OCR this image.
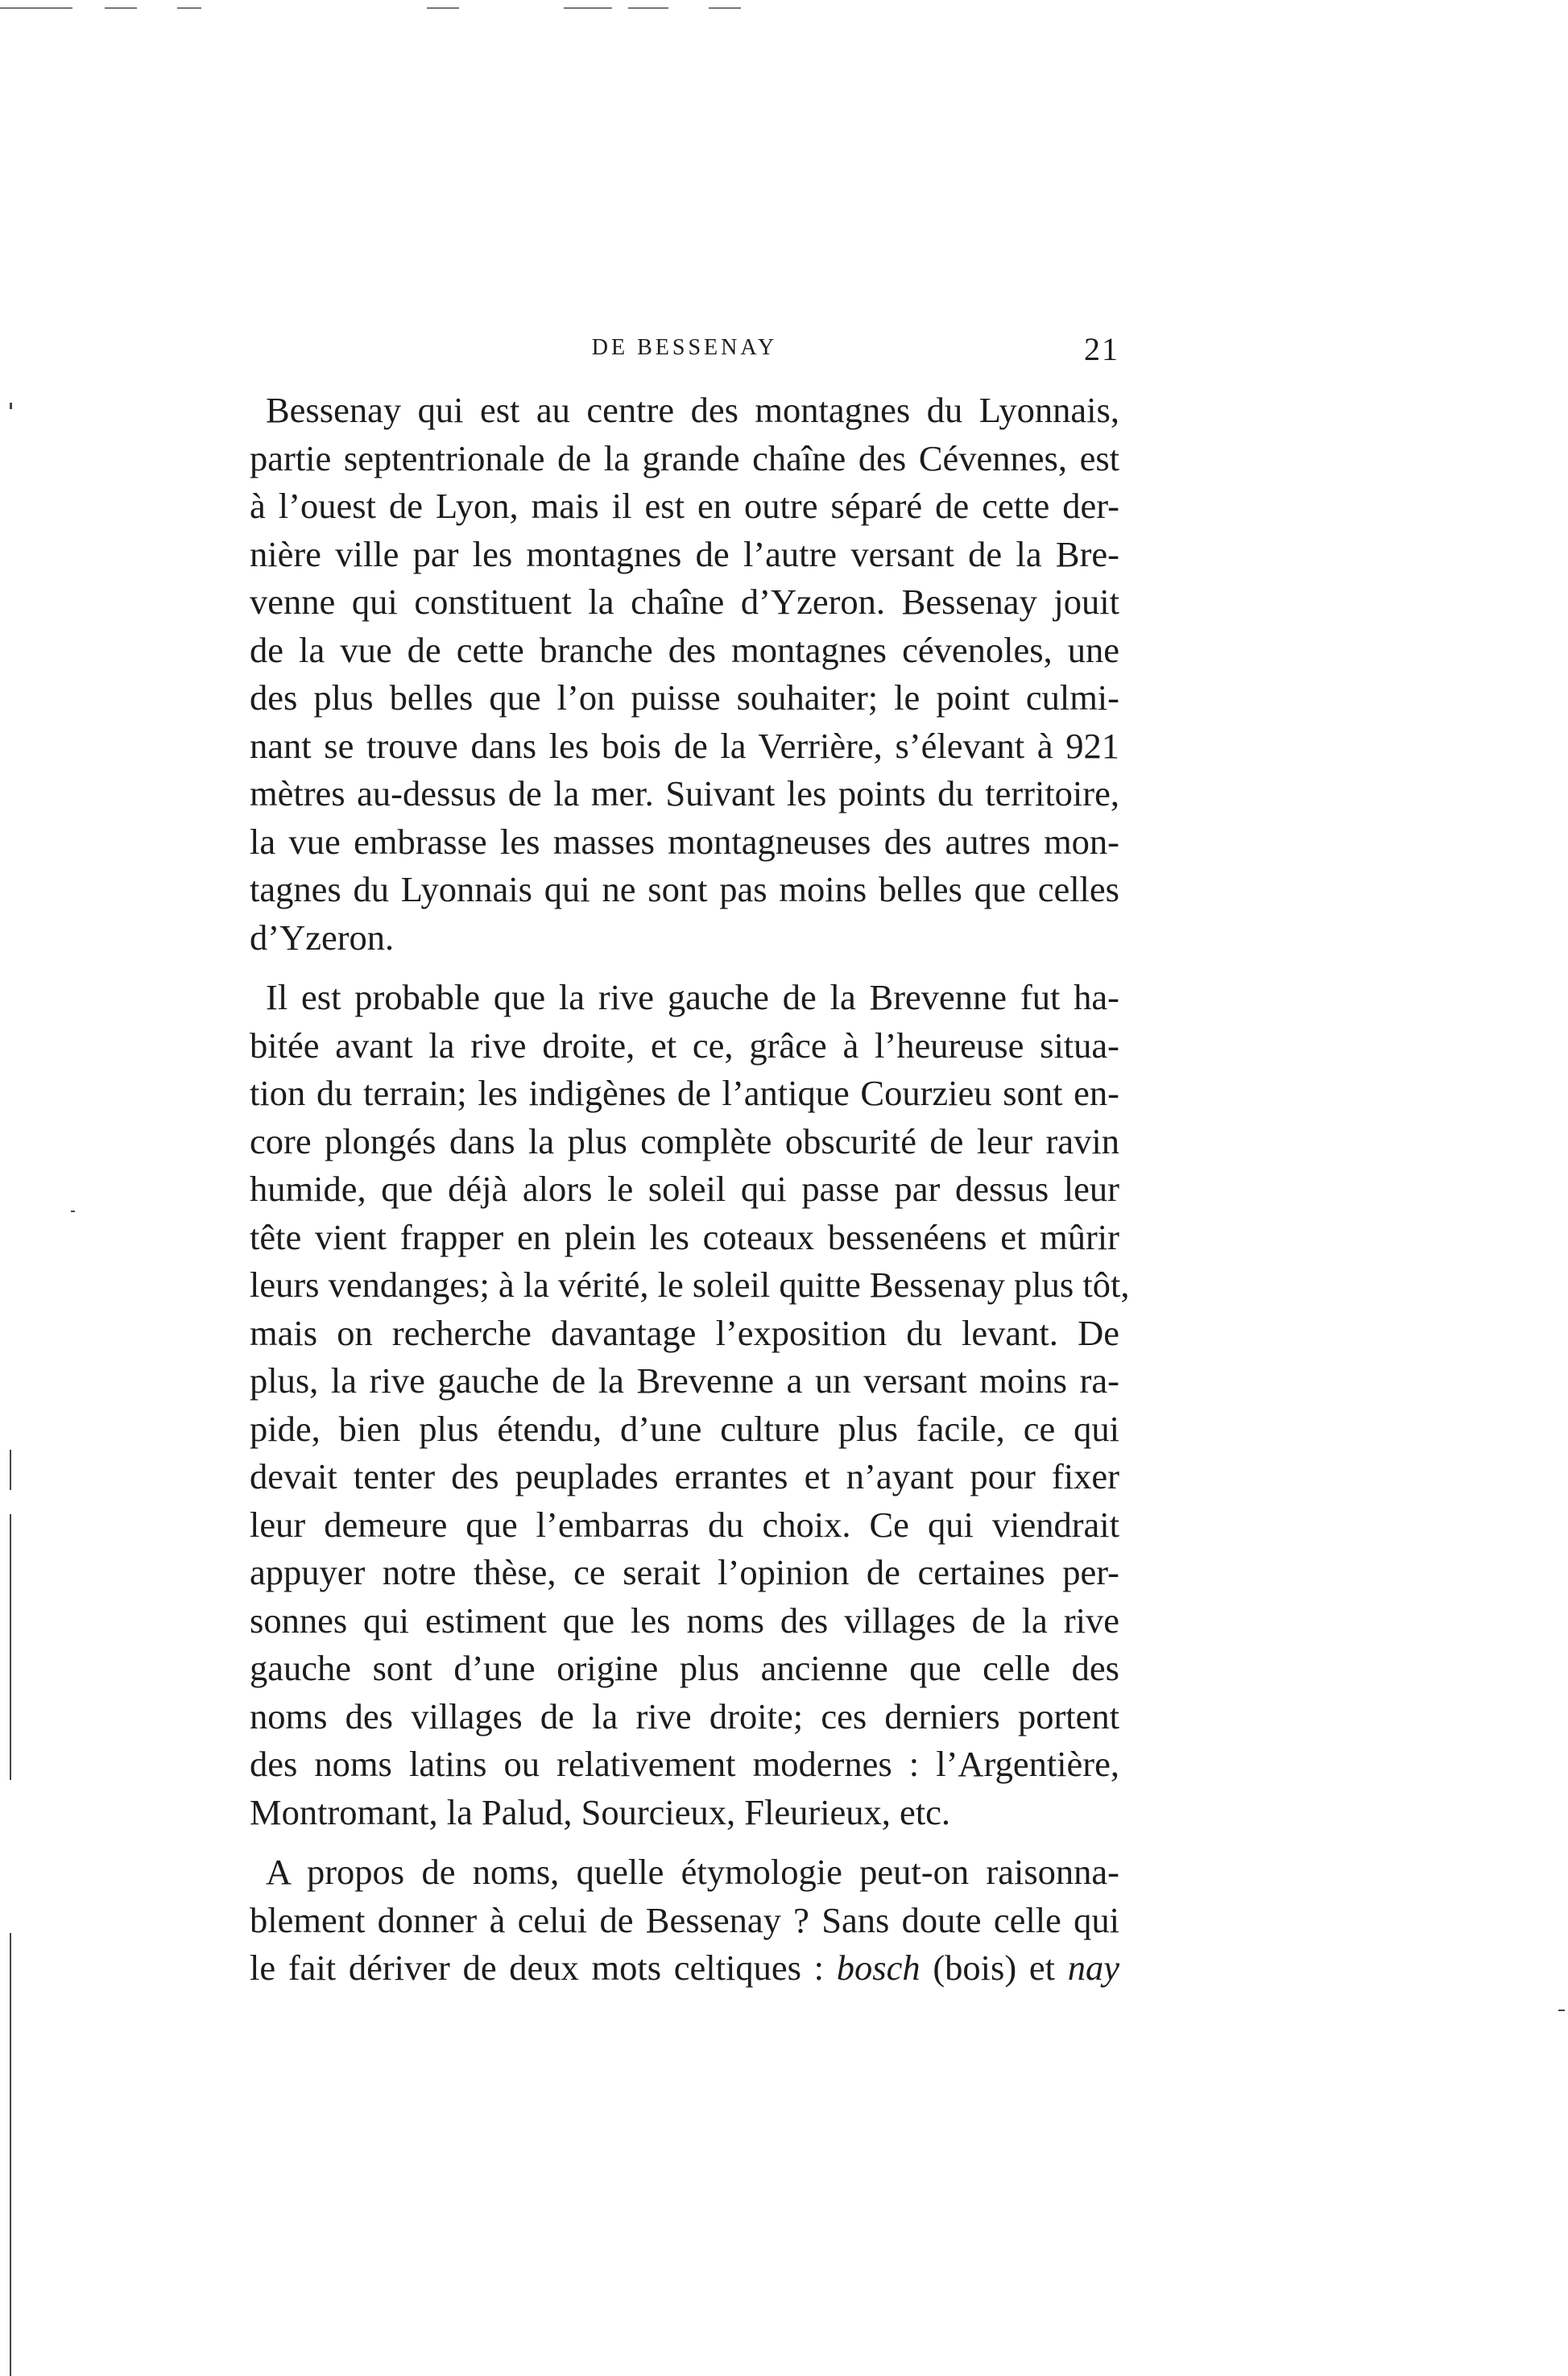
DE BESSENAY	21

Bessenay qui est au centre des montagnes du Lyonnais,
partie septentrionale de la grande chaîne des Cévennes, est
à l’ouest de Lyon, mais il est en outre séparé de cette der-
nière ville par les montagnes de l’autre versant de la Bre-
venne qui constituent la chaîne d’Yzeron. Bessenay jouit
de la vue de cette branche des montagnes cévenoles, une
des plus belles que l’on puisse souhaiter; le point culmi-
nant se trouve dans les bois de la Verrière, s’élevant à 921
mètres au-dessus de la mer. Suivant les points du territoire,
la vue embrasse les masses montagneuses des autres mon-
tagnes du Lyonnais qui ne sont pas moins belles que celles
d’Yzeron.

Il est probable que la rive gauche de la Brevenne fut ha-
bitée avant la rive droite, et ce, grâce à l’heureuse situa-
tion du terrain; les indigènes de l’antique Courzieu sont en-
core plongés dans la plus complète obscurité de leur ravin
humide, que déjà alors le soleil qui passe par dessus leur
tête vient frapper en plein les coteaux bessenéens et mûrir
leurs vendanges; à la vérité, le soleil quitte Bessenay plus tôt,
mais on recherche davantage l’exposition du levant. De
plus, la rive gauche de la Brevenne a un versant moins ra-
pide, bien plus étendu, d’une culture plus facile, ce qui
devait tenter des peuplades errantes et n’ayant pour fixer
leur demeure que l’embarras du choix. Ce qui viendrait
appuyer notre thèse, ce serait l’opinion de certaines per-
sonnes qui estiment que les noms des villages de la rive
gauche sont d’une origine plus ancienne que celle des
noms des villages de la rive droite; ces derniers portent
des noms latins ou relativement modernes : l’Argentière,
Montromant, la Palud, Sourcieux, Fleurieux, etc.

A propos de noms, quelle étymologie peut-on raisonna-
blement donner à celui de Bessenay ? Sans doute celle qui
le fait dériver de deux mots celtiques : bosch (bois) et nay
